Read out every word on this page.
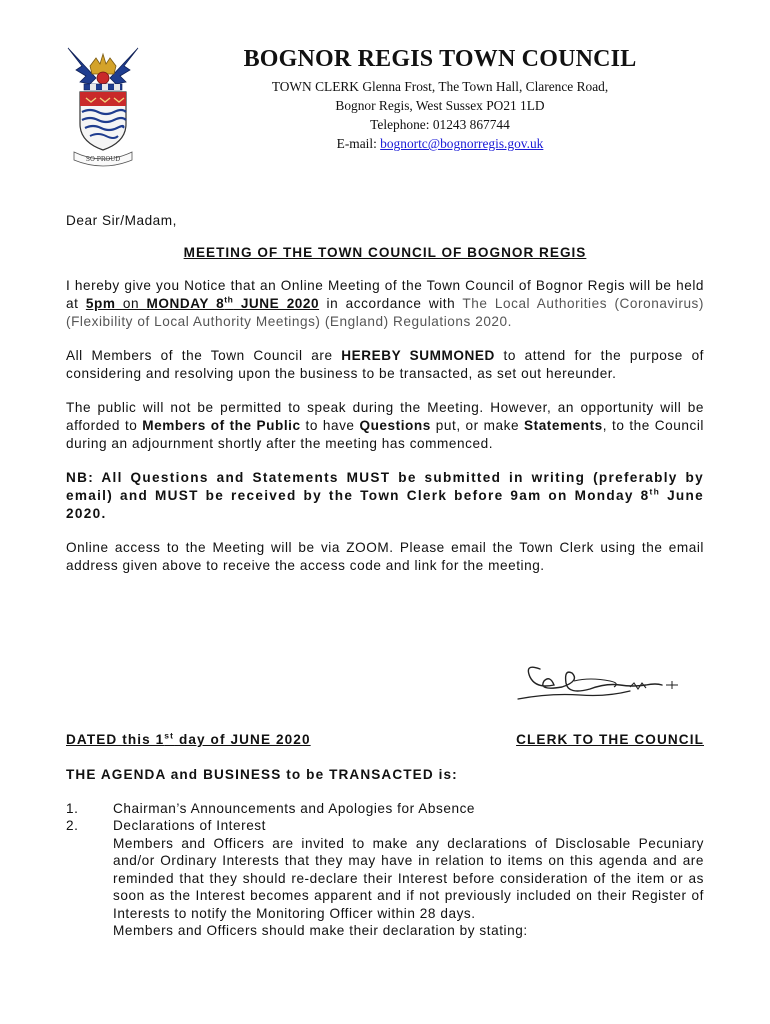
SO PROUD
BOGNOR REGIS TOWN COUNCIL
TOWN CLERK Glenna Frost, The Town Hall, Clarence Road,
Bognor Regis, West Sussex PO21 1LD
Telephone: 01243 867744
E-mail: bognortc@bognorregis.gov.uk

Dear Sir/Madam,

MEETING OF THE TOWN COUNCIL OF BOGNOR REGIS

I hereby give you Notice that an Online Meeting of the Town Council of Bognor Regis will be held at 5pm on MONDAY 8th JUNE 2020 in accordance with The Local Authorities (Coronavirus) (Flexibility of Local Authority Meetings) (England) Regulations 2020.

All Members of the Town Council are HEREBY SUMMONED to attend for the purpose of considering and resolving upon the business to be transacted, as set out hereunder.

The public will not be permitted to speak during the Meeting. However, an opportunity will be afforded to Members of the Public to have Questions put, or make Statements, to the Council during an adjournment shortly after the meeting has commenced.

NB: All Questions and Statements MUST be submitted in writing (preferably by email) and MUST be received by the Town Clerk before 9am on Monday 8th June 2020.

Online access to the Meeting will be via ZOOM. Please email the Town Clerk using the email address given above to receive the access code and link for the meeting.

DATED this 1st day of JUNE 2020	CLERK TO THE COUNCIL
THE AGENDA and BUSINESS to be TRANSACTED is:
1.	Chairman’s Announcements and Apologies for Absence
2.	Declarations of Interest
Members and Officers are invited to make any declarations of Disclosable Pecuniary and/or Ordinary Interests that they may have in relation to items on this agenda and are reminded that they should re-declare their Interest before consideration of the item or as soon as the Interest becomes apparent and if not previously included on their Register of Interests to notify the Monitoring Officer within 28 days.
Members and Officers should make their declaration by stating:
